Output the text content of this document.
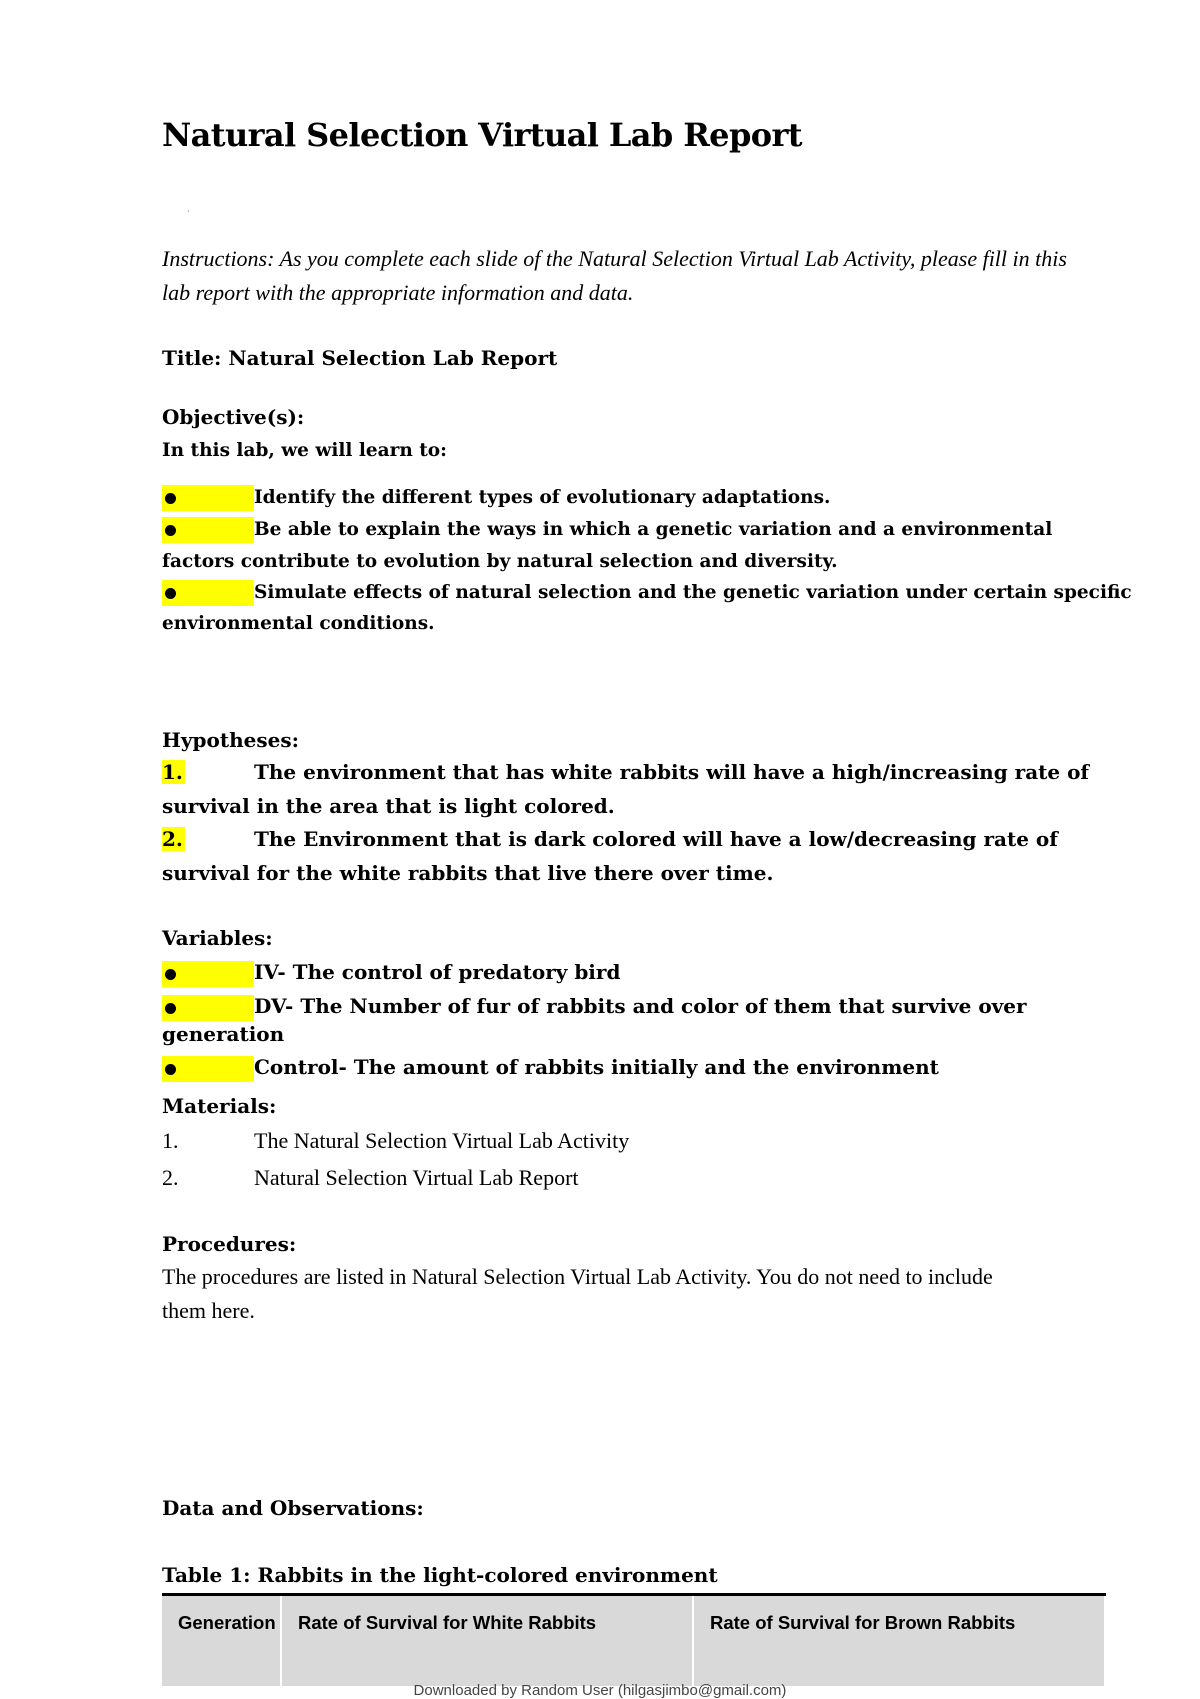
Natural Selection Virtual Lab Report
·
Instructions: As you complete each slide of the Natural Selection Virtual Lab Activity, please fill in this lab report with the appropriate information and data.
Title: Natural Selection Lab Report
Objective(s):
In this lab, we will learn to:
Identify the different types of evolutionary adaptations.
Be able to explain the ways in which a genetic variation and a environmental
factors contribute to evolution by natural selection and diversity.
Simulate effects of natural selection and the genetic variation under certain specific
environmental conditions.
Hypotheses:
1.	The environment that has white rabbits will have a high/increasing rate of
survival in the area that is light colored.
2.	The Environment that is dark colored will have a low/decreasing rate of
survival for the white rabbits that live there over time.
Variables:
IV- The control of predatory bird
DV- The Number of fur of rabbits and color of them that survive over
generation
Control- The amount of rabbits initially and the environment
Materials:
1.	The Natural Selection Virtual Lab Activity
2.	Natural Selection Virtual Lab Report
Procedures:
The procedures are listed in Natural Selection Virtual Lab Activity. You do not need to include
them here.
Data and Observations:
Table 1: Rabbits in the light-colored environment
Generation	Rate of Survival for White Rabbits	Rate of Survival for Brown Rabbits
Downloaded by Random User (hilgasjimbo@gmail.com)
